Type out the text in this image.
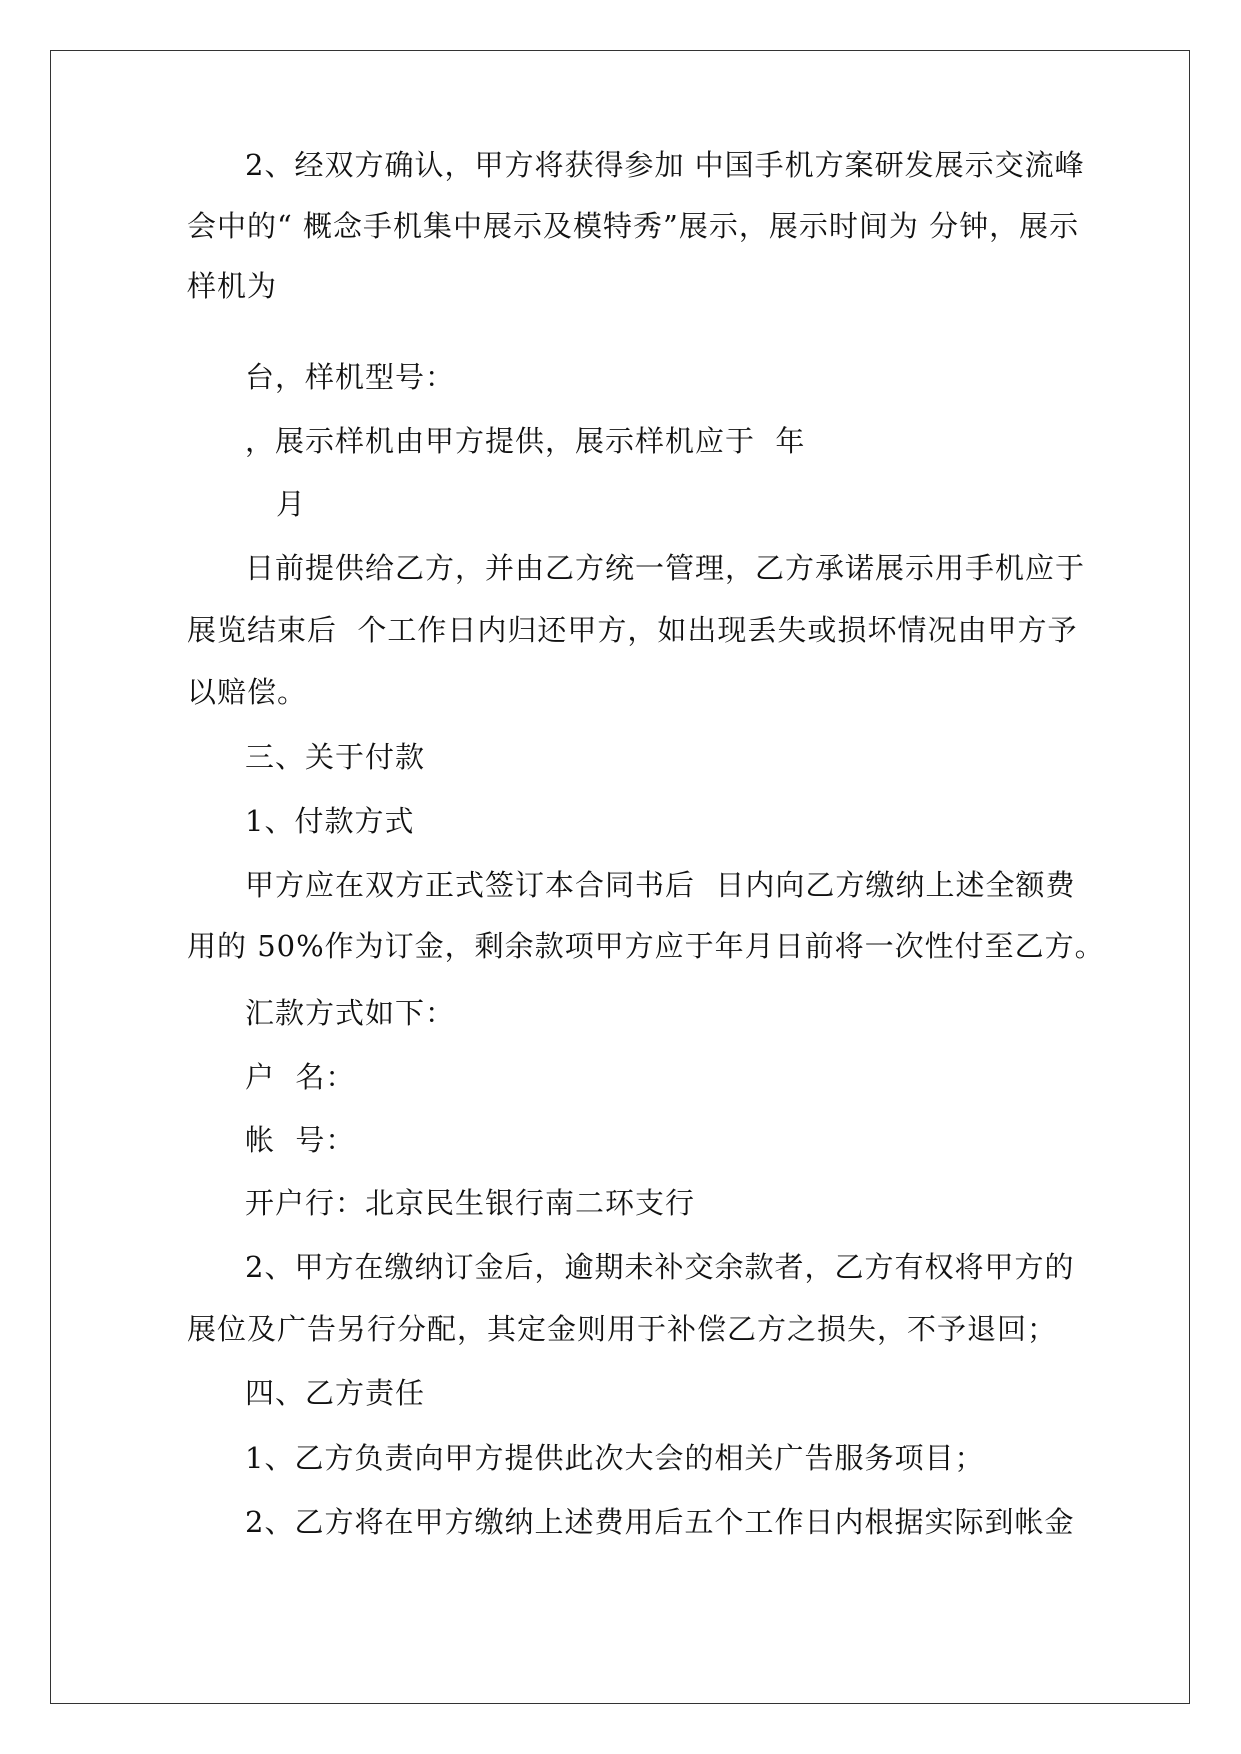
2、经双方确认，甲方将获得参加 中国手机方案研发展示交流峰
会中的“ 概念手机集中展示及模特秀”展示，展示时间为 分钟，展示
样机为
台，样机型号：
，展示样机由甲方提供，展示样机应于  年
月
日前提供给乙方，并由乙方统一管理，乙方承诺展示用手机应于
展览结束后  个工作日内归还甲方，如出现丢失或损坏情况由甲方予
以赔偿。
三、关于付款
1、付款方式
甲方应在双方正式签订本合同书后  日内向乙方缴纳上述全额费
用的 50%作为订金，剩余款项甲方应于年月日前将一次性付至乙方。
汇款方式如下：
户  名：
帐  号：
开户行：北京民生银行南二环支行
2、甲方在缴纳订金后，逾期未补交余款者，乙方有权将甲方的
展位及广告另行分配，其定金则用于补偿乙方之损失，不予退回；
四、乙方责任
1、乙方负责向甲方提供此次大会的相关广告服务项目；
2、乙方将在甲方缴纳上述费用后五个工作日内根据实际到帐金
